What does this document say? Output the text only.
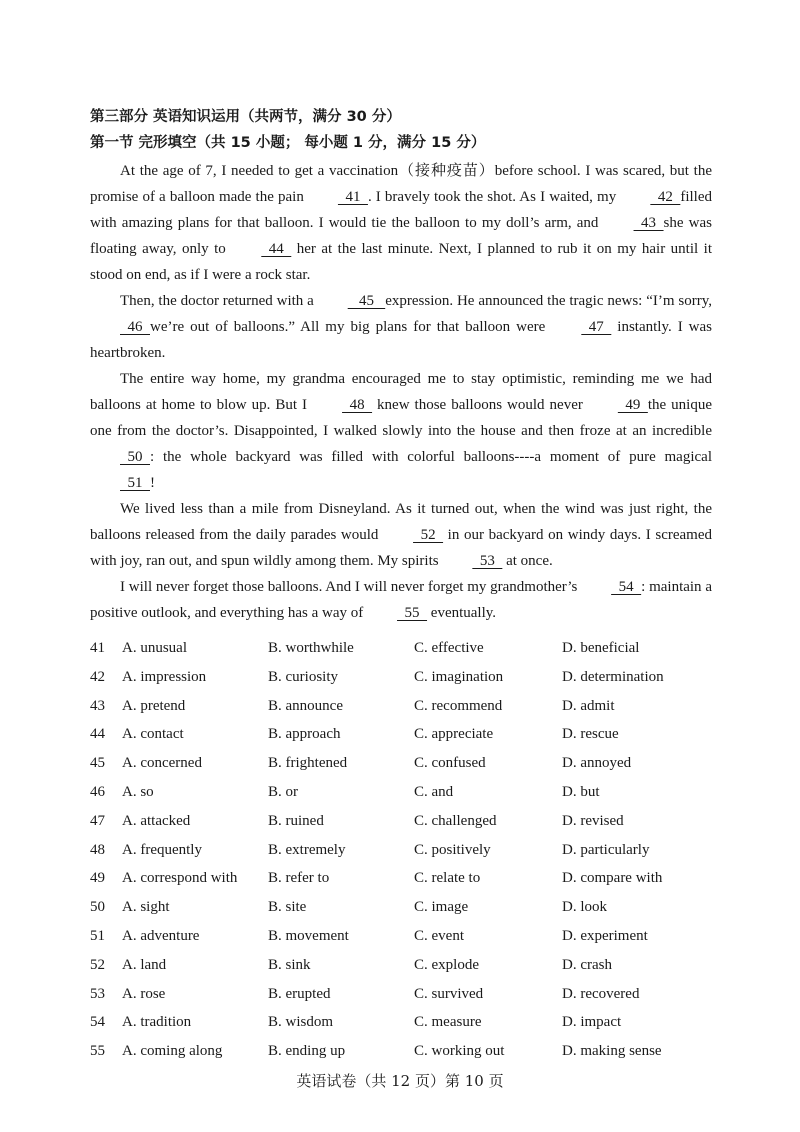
第三部分 英语知识运用（共两节，满分 30 分）
第一节 完形填空（共 15 小题； 每小题 1 分，满分 15 分）

At the age of 7, I needed to get a vaccination（接种疫苗）before school. I was scared, but the promise of a balloon made the pain   41  . I bravely took the shot. As I waited, my   42  filled with amazing plans for that balloon. I would tie the balloon to my doll’s arm, and   43  she was floating away, only to   44   her at the last minute. Next, I planned to rub it on my hair until it stood on end, as if I were a rock star.

Then, the doctor returned with a    45   expression. He announced the tragic news: “I’m sorry,   46  we’re out of balloons.” All my big plans for that balloon were   47   instantly. I was heartbroken.

The entire way home, my grandma encouraged me to stay optimistic, reminding me we had balloons at home to blow up. But I   48   knew those balloons would never   49  the unique one from the doctor’s. Disappointed, I walked slowly into the house and then froze at an incredible  50  : the whole backyard was filled with colorful balloons----a moment of pure magical   51  !

We lived less than a mile from Disneyland. As it turned out, when the wind was just right, the balloons released from the daily parades would   52   in our backyard on windy days. I screamed with joy, ran out, and spun wildly among them. My spirits   53   at once.

I will never forget those balloons. And I will never forget my grandmother’s   54  : maintain a positive outlook, and everything has a way of   55   eventually.

41	A. unusual	B. worthwhile	C. effective	D. beneficial
42	A. impression	B. curiosity	C. imagination	D. determination
43	A. pretend	B. announce	C. recommend	D. admit
44	A. contact	B. approach	C. appreciate	D. rescue
45	A. concerned	B. frightened	C. confused	D. annoyed
46	A. so	B. or	C. and	D. but
47	A. attacked	B. ruined	C. challenged	D. revised
48	A. frequently	B. extremely	C. positively	D. particularly
49	A. correspond with	B. refer to	C. relate to	D. compare with
50	A. sight	B. site	C. image	D. look
51	A. adventure	B. movement	C. event	D. experiment
52	A. land	B. sink	C. explode	D. crash
53	A. rose	B. erupted	C. survived	D. recovered
54	A. tradition	B. wisdom	C. measure	D. impact
55	A. coming along	B. ending up	C. working out	D. making sense
英语试卷（共 12 页）第 10 页
